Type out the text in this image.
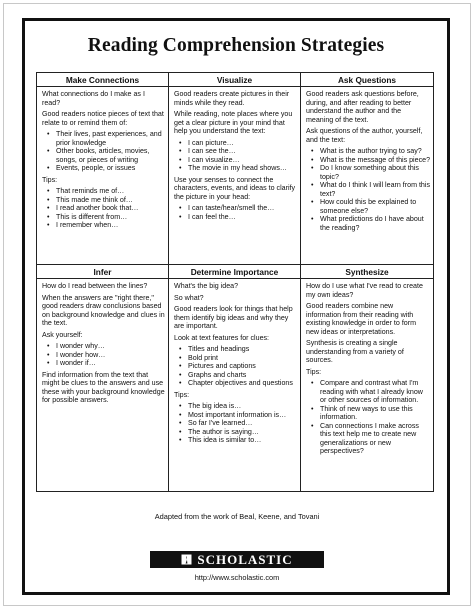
Reading Comprehension Strategies
Make Connections
What connections do I make as I read?
Good readers notice pieces of text that relate to or remind them of:
• Their lives, past experiences, and prior knowledge
• Other books, articles, movies, songs, or pieces of writing
• Events, people, or issues
Tips:
• That reminds me of…
• This made me think of…
• I read another book that…
• This is different from…
• I remember when…
Visualize
Good readers create pictures in their minds while they read.
While reading, note places where you get a clear picture in your mind that help you understand the text:
• I can picture…
• I can see the…
• I can visualize…
• The movie in my head shows…
Use your senses to connect the characters, events, and ideas to clarify the picture in your head:
• I can taste/hear/smell the…
• I can feel the…
Ask Questions
Good readers ask questions before, during, and after reading to better understand the author and the meaning of the text.
Ask questions of the author, yourself, and the text:
• What is the author trying to say?
• What is the message of this piece?
• Do I know something about this topic?
• What do I think I will learn from this text?
• How could this be explained to someone else?
• What predictions do I have about the reading?
Infer
How do I read between the lines?
When the answers are "right there," good readers draw conclusions based on background knowledge and clues in the text.
Ask yourself:
• I wonder why…
• I wonder how…
• I wonder if…
Find information from the text that might be clues to the answers and use these with your background knowledge for possible answers.
Determine Importance
What's the big idea?
So what?
Good readers look for things that help them identify big ideas and why they are important.
Look at text features for clues:
• Titles and headings
• Bold print
• Pictures and captions
• Graphs and charts
• Chapter objectives and questions
Tips:
• The big idea is…
• Most important information is…
• So far I've learned…
• The author is saying…
• This idea is similar to…
Synthesize
How do I use what I've read to create my own ideas?
Good readers combine new information from their reading with existing knowledge in order to form new ideas or interpretations.
Synthesis is creating a single understanding from a variety of sources.
Tips:
• Compare and contrast what I'm reading with what I already know or other sources of information.
• Think of new ways to use this information.
• Can connections I make across this text help me to create new generalizations or new perspectives?
Adapted from the work of Beal, Keene, and Tovani
SCHOLASTIC
http://www.scholastic.com
